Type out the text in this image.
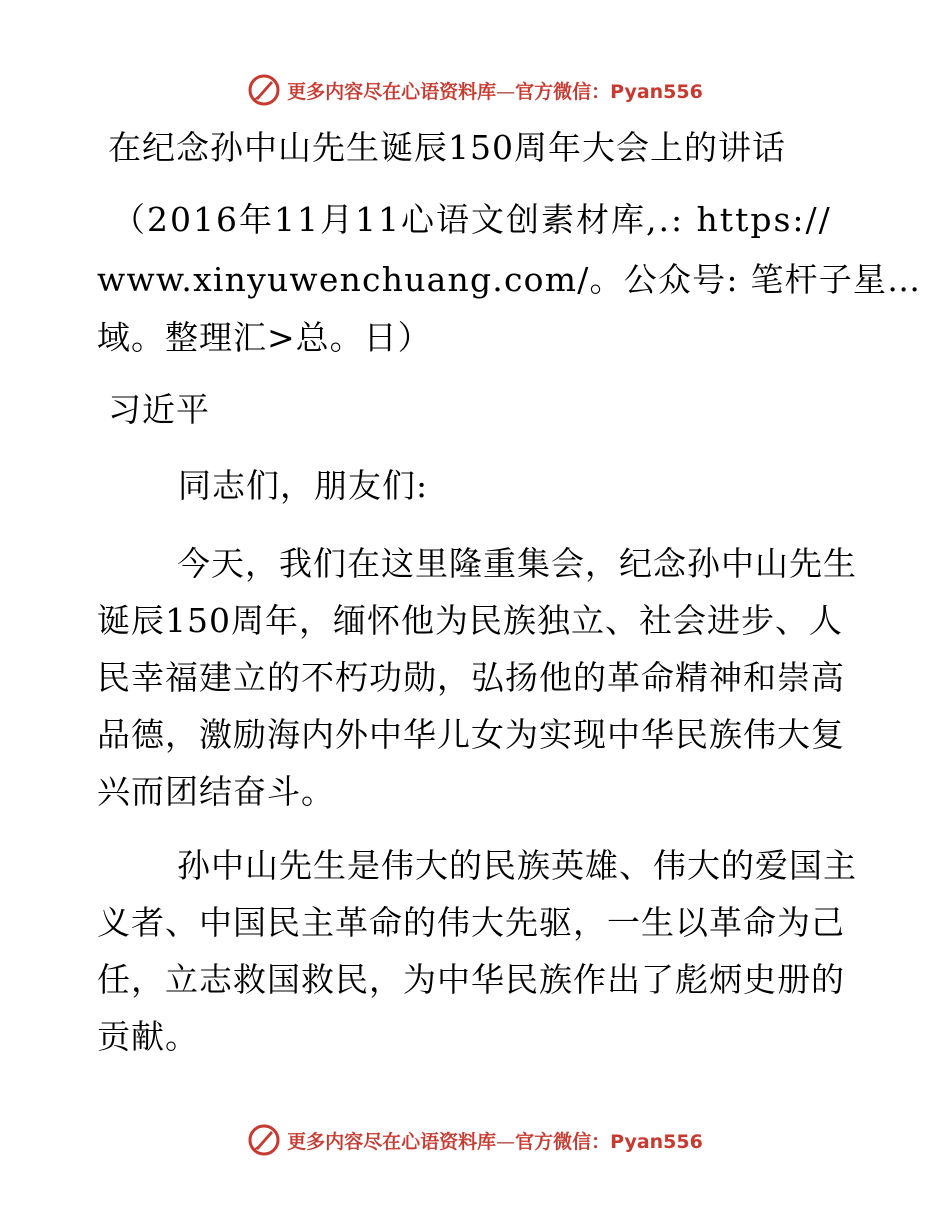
更多内容尽在心语资料库—官方微信：Pyan556
在纪念孙中山先生诞辰150周年大会上的讲话
（2016年11月11心语文创素材库,.: https://
www.xinyuwenchuang.com/。公众号: 笔杆子星…
域。整理汇>总。日）
习近平
同志们，朋友们:
今天，我们在这里隆重集会，纪念孙中山先生诞辰150周年，缅怀他为民族独立、社会进步、人民幸福建立的不朽功勋，弘扬他的革命精神和崇高品德，激励海内外中华儿女为实现中华民族伟大复兴而团结奋斗。
孙中山先生是伟大的民族英雄、伟大的爱国主义者、中国民主革命的伟大先驱，一生以革命为己任，立志救国救民，为中华民族作出了彪炳史册的贡献。
更多内容尽在心语资料库—官方微信：Pyan556
